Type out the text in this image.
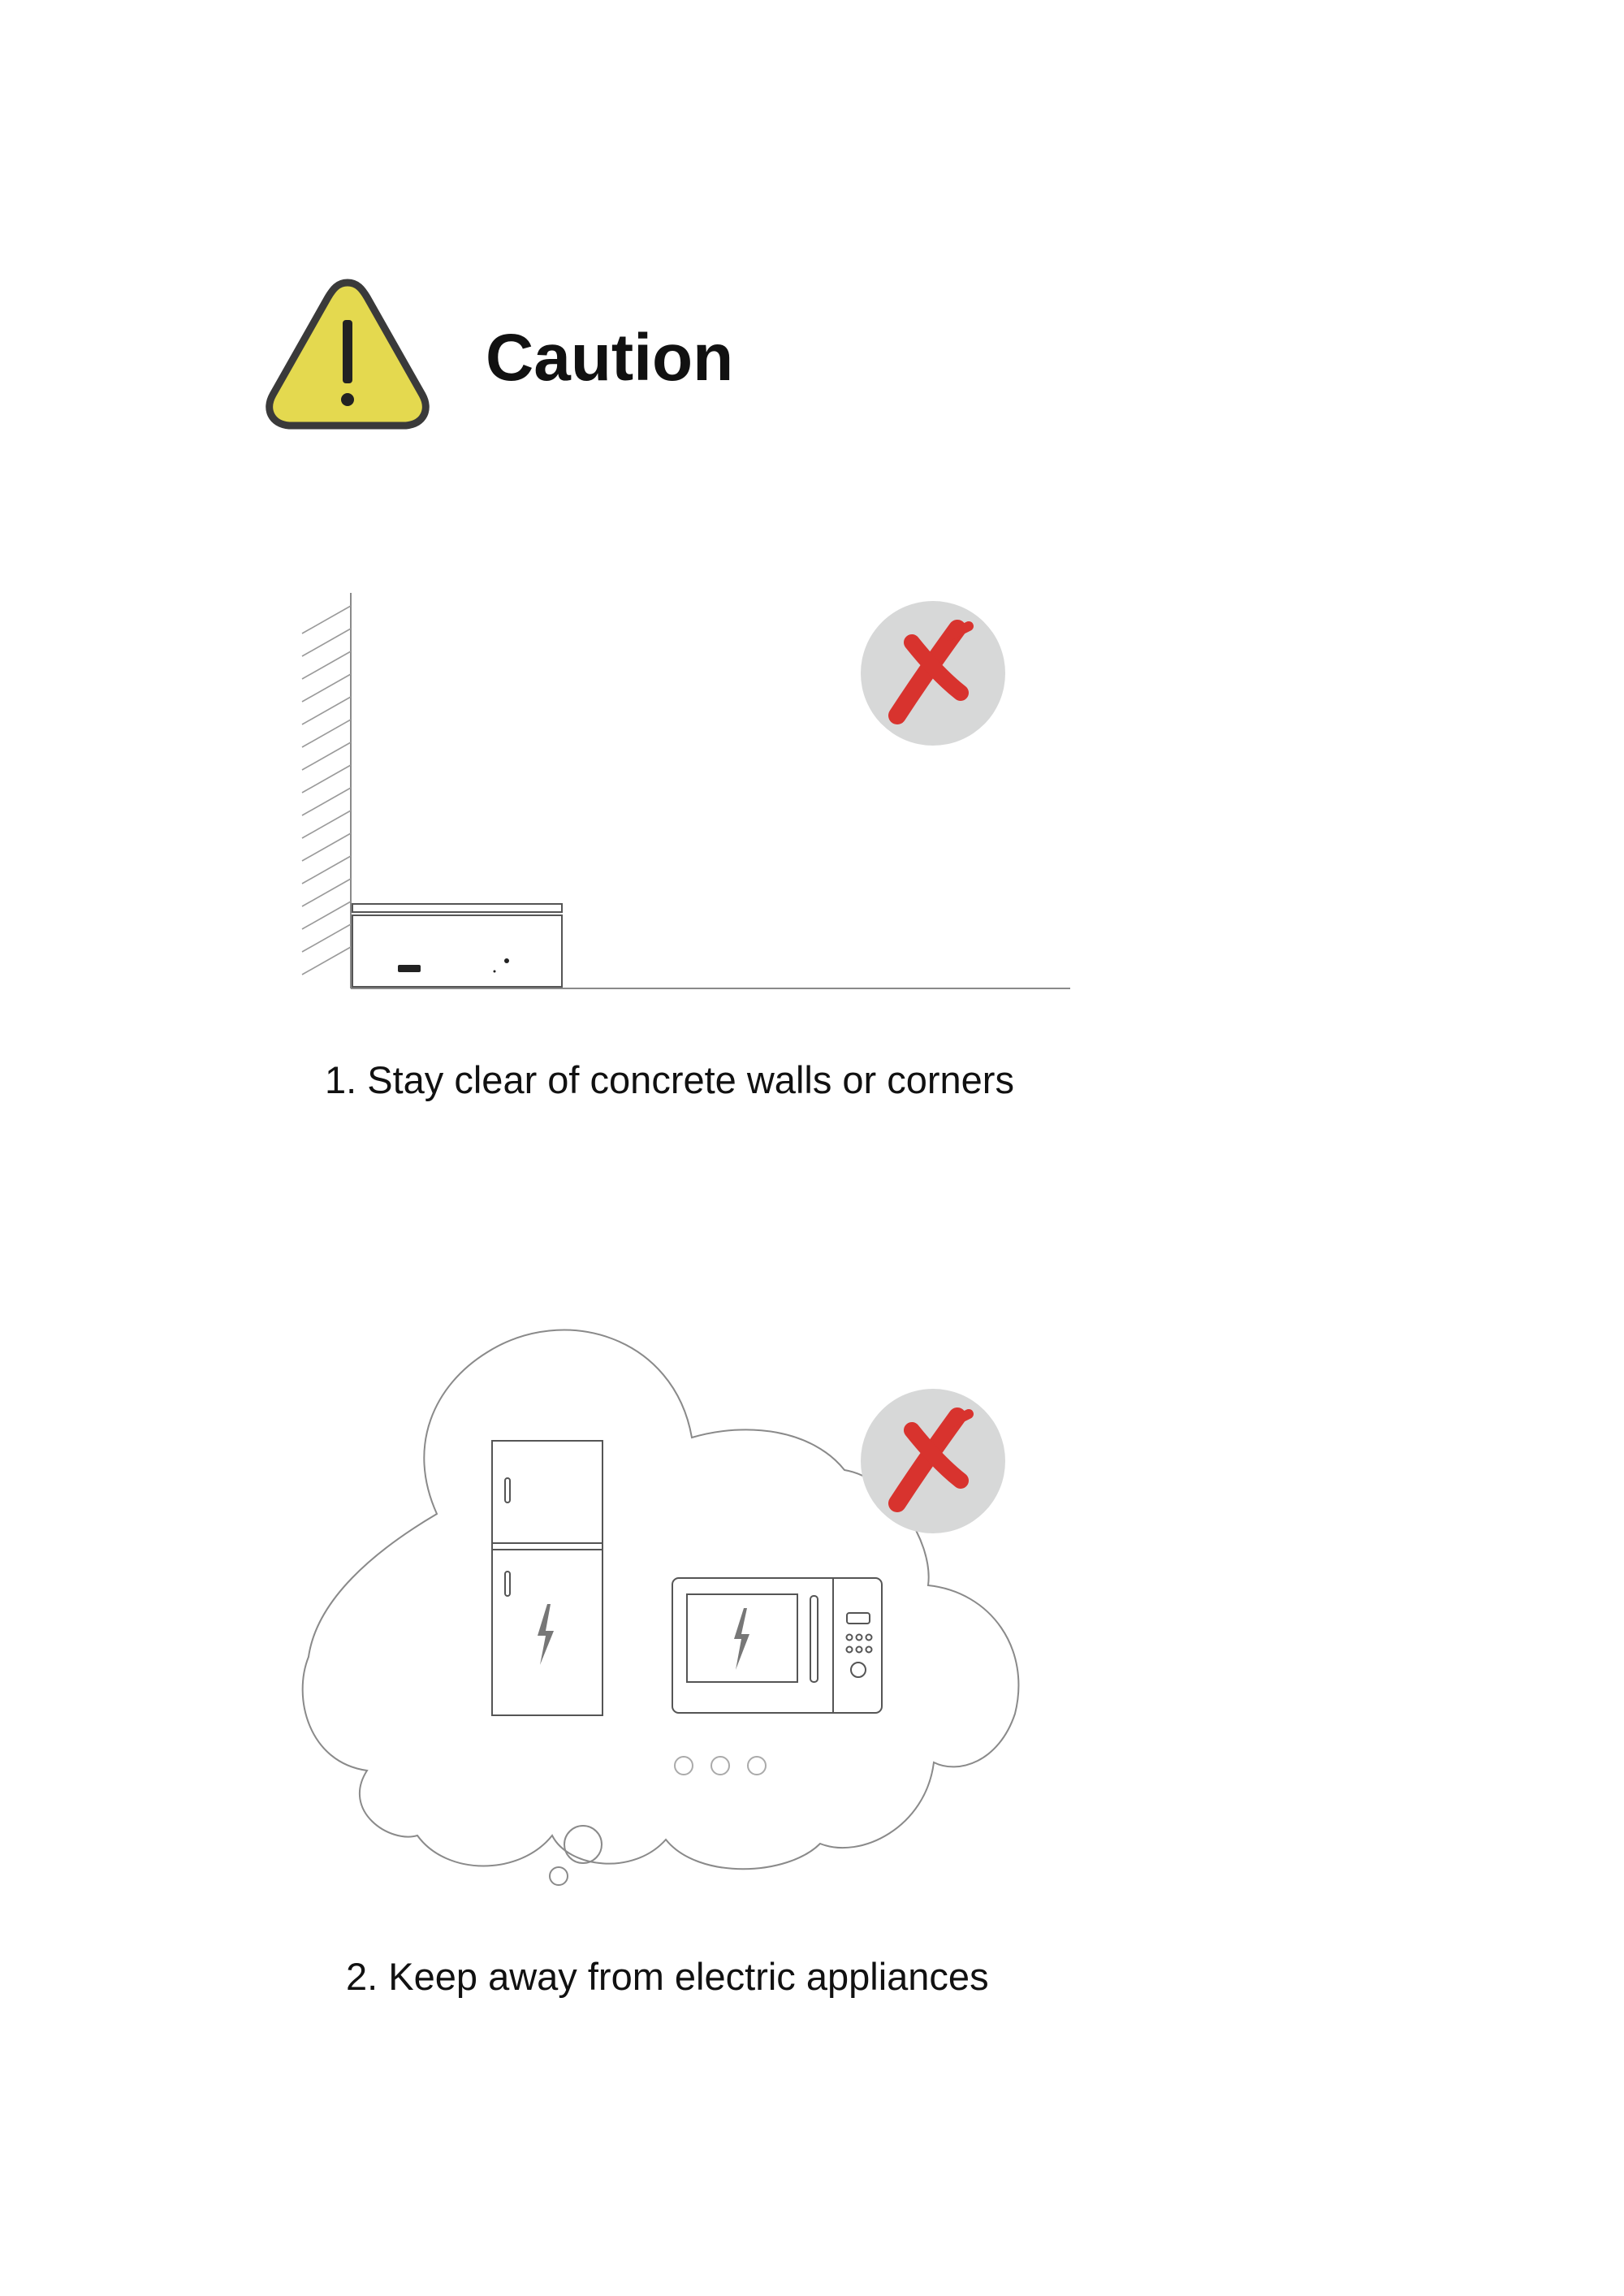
Caution
1. Stay clear of concrete walls or corners
2. Keep away from electric appliances
